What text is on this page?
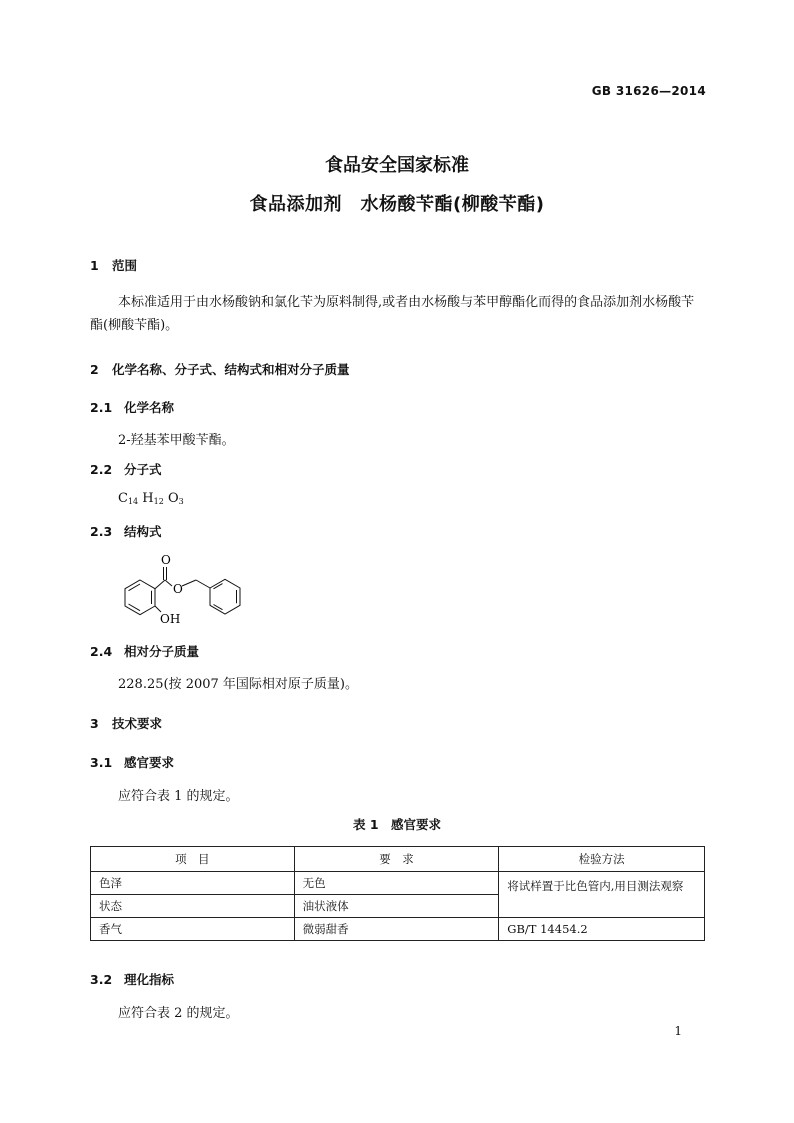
GB 31626—2014
食品安全国家标准
食品添加剂　水杨酸苄酯(柳酸苄酯)
1 范围
本标准适用于由水杨酸钠和氯化苄为原料制得,或者由水杨酸与苯甲醇酯化而得的食品添加剂水杨酸苄酯(柳酸苄酯)。
2 化学名称、分子式、结构式和相对分子质量
2.1 化学名称
2-羟基苯甲酸苄酯。
2.2 分子式
$C_{14}$ $H_{12}$ $O_3$
2.3 结构式
O
O
OH
2.4 相对分子质量
228.25(按 2007 年国际相对原子质量)。
3 技术要求
3.1 感官要求
应符合表 1 的规定。
表 1　感官要求
项　目	要　求	检验方法
色泽	无色	将试样置于比色管内,用目测法观察
状态	油状液体	
香气	微弱甜香	GB/T 14454.2
3.2 理化指标
应符合表 2 的规定。
1
